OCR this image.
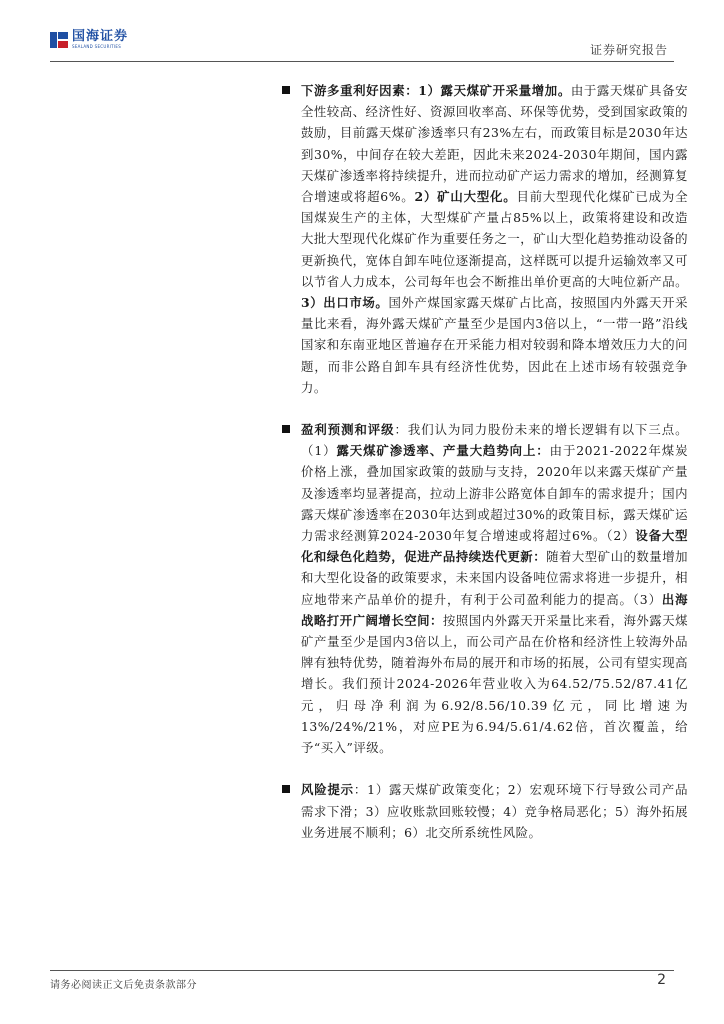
国海证券
SEALAND SECURITIES	证券研究报告
下游多重利好因素：1）露天煤矿开采量增加。由于露天煤矿具备安全性较高、经济性好、资源回收率高、环保等优势，受到国家政策的鼓励，目前露天煤矿渗透率只有23%左右，而政策目标是2030年达到30%，中间存在较大差距，因此未来2024-2030年期间，国内露天煤矿渗透率将持续提升，进而拉动矿产运力需求的增加，经测算复合增速或将超6%。2）矿山大型化。目前大型现代化煤矿已成为全国煤炭生产的主体，大型煤矿产量占85%以上，政策将建设和改造大批大型现代化煤矿作为重要任务之一，矿山大型化趋势推动设备的更新换代，宽体自卸车吨位逐渐提高，这样既可以提升运输效率又可以节省人力成本，公司每年也会不断推出单价更高的大吨位新产品。3）出口市场。国外产煤国家露天煤矿占比高，按照国内外露天开采量比来看，海外露天煤矿产量至少是国内3倍以上，“一带一路”沿线国家和东南亚地区普遍存在开采能力相对较弱和降本增效压力大的问题，而非公路自卸车具有经济性优势，因此在上述市场有较强竞争力。
盈利预测和评级：我们认为同力股份未来的增长逻辑有以下三点。（1）露天煤矿渗透率、产量大趋势向上：由于2021-2022年煤炭价格上涨，叠加国家政策的鼓励与支持，2020年以来露天煤矿产量及渗透率均显著提高，拉动上游非公路宽体自卸车的需求提升；国内露天煤矿渗透率在2030年达到或超过30%的政策目标，露天煤矿运力需求经测算2024-2030年复合增速或将超过6%。（2）设备大型化和绿色化趋势，促进产品持续迭代更新：随着大型矿山的数量增加和大型化设备的政策要求，未来国内设备吨位需求将进一步提升，相应地带来产品单价的提升，有利于公司盈利能力的提高。（3）出海战略打开广阔增长空间：按照国内外露天开采量比来看，海外露天煤矿产量至少是国内3倍以上，而公司产品在价格和经济性上较海外品牌有独特优势，随着海外布局的展开和市场的拓展，公司有望实现高增长。我们预计2024-2026年营业收入为64.52/75.52/87.41亿元，归母净利润为6.92/8.56/10.39亿元，同比增速为13%/24%/21%，对应PE为6.94/5.61/4.62倍，首次覆盖，给予“买入”评级。
风险提示：1）露天煤矿政策变化；2）宏观环境下行导致公司产品需求下滑；3）应收账款回账较慢；4）竞争格局恶化；5）海外拓展业务进展不顺利；6）北交所系统性风险。
请务必阅读正文后免责条款部分	2
